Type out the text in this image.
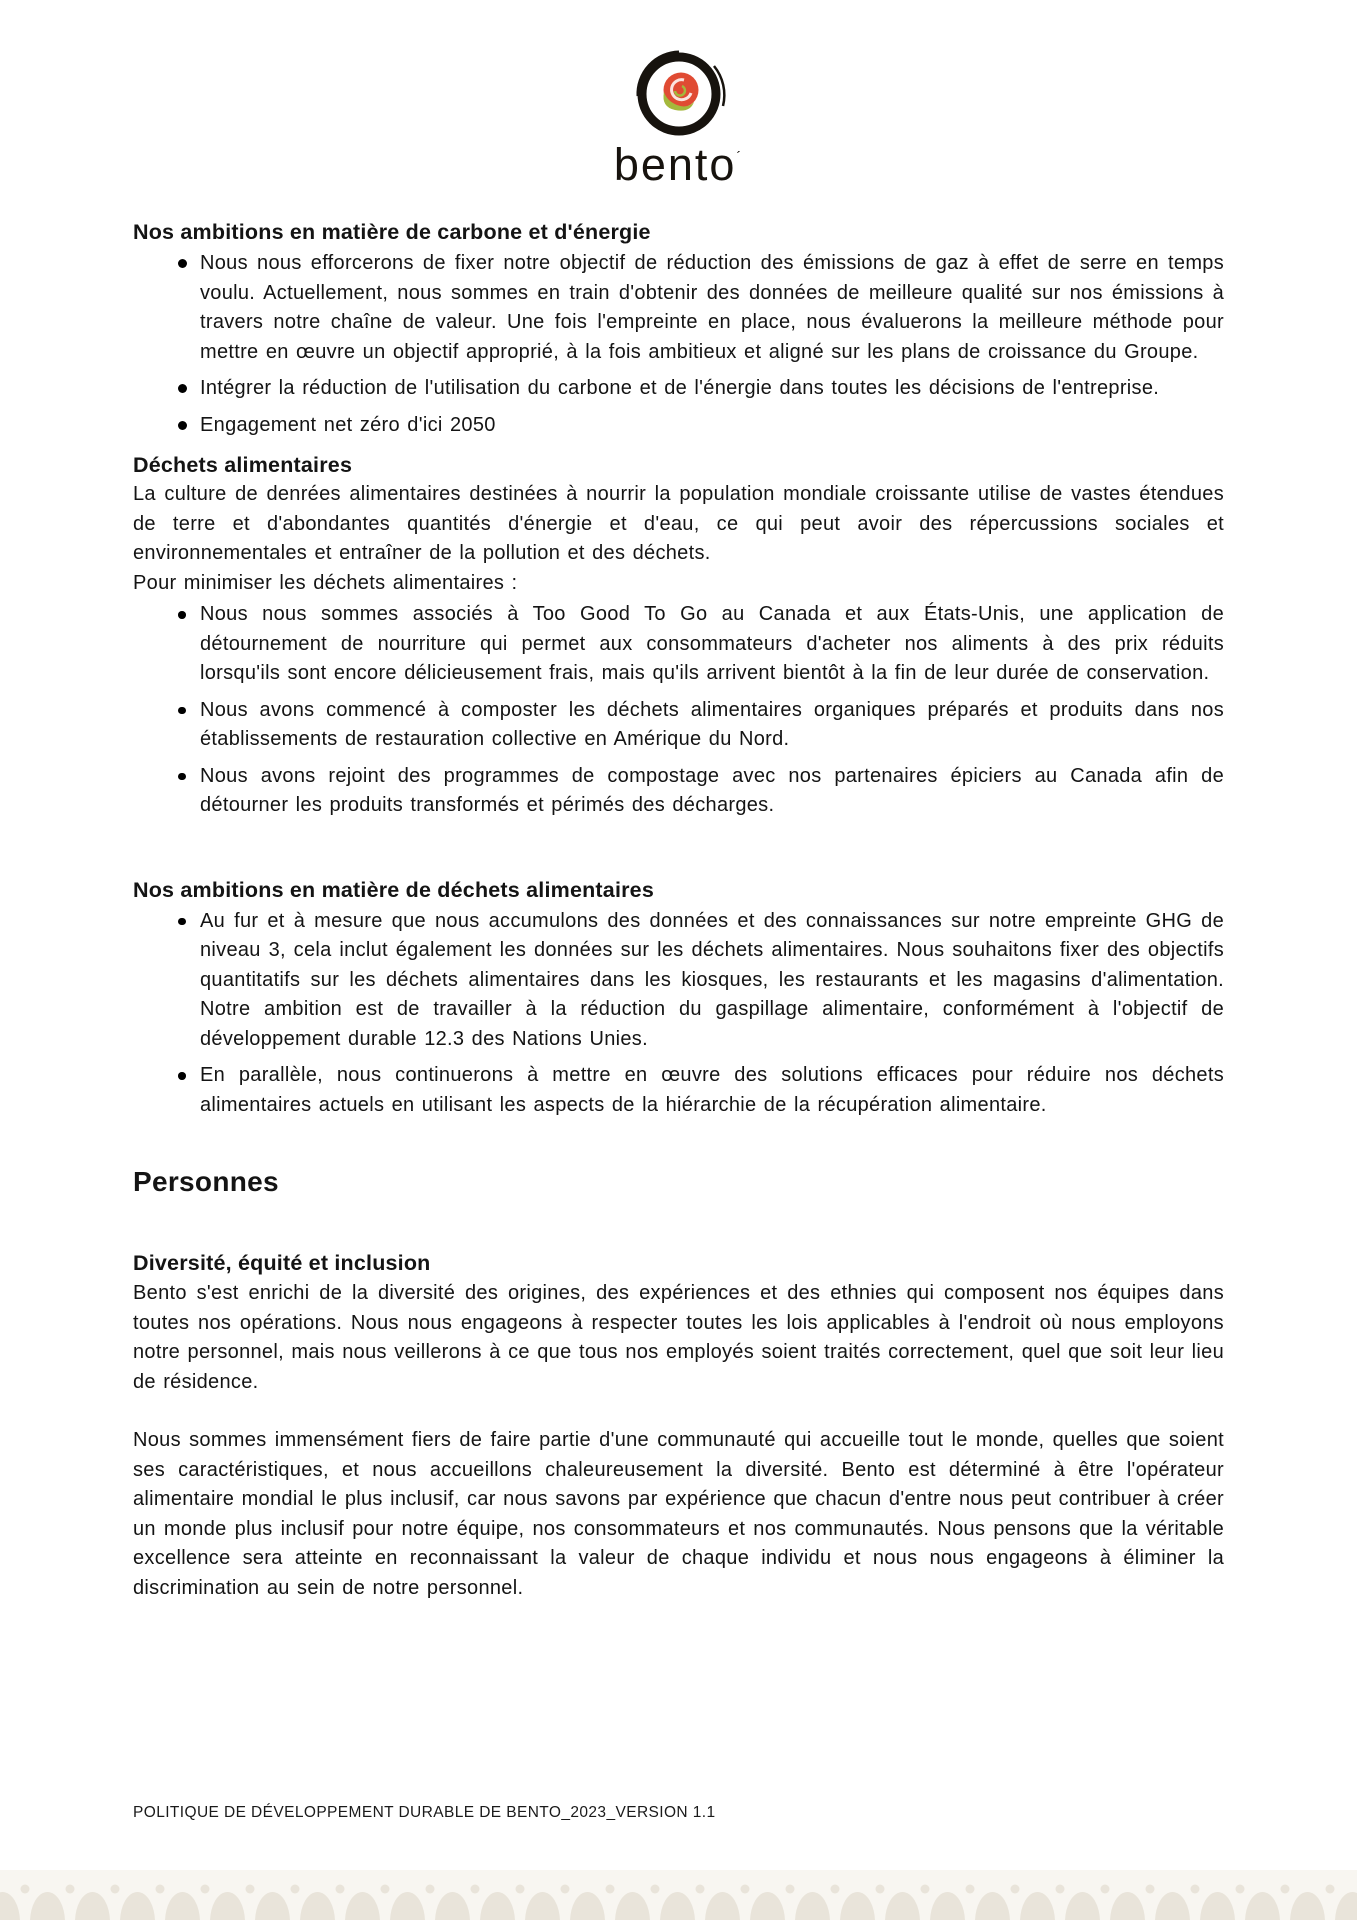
bento´
Nos ambitions en matière de carbone et d'énergie
Nous nous efforcerons de fixer notre objectif de réduction des émissions de gaz à effet de serre en temps voulu. Actuellement, nous sommes en train d'obtenir des données de meilleure qualité sur nos émissions à travers notre chaîne de valeur. Une fois l'empreinte en place, nous évaluerons la meilleure méthode pour mettre en œuvre un objectif approprié, à la fois ambitieux et aligné sur les plans de croissance du Groupe.
Intégrer la réduction de l'utilisation du carbone et de l'énergie dans toutes les décisions de l'entreprise.
Engagement net zéro d'ici 2050
Déchets alimentaires

La culture de denrées alimentaires destinées à nourrir la population mondiale croissante utilise de vastes étendues de terre et d'abondantes quantités d'énergie et d'eau, ce qui peut avoir des répercussions sociales et environnementales et entraîner de la pollution et des déchets.

Pour minimiser les déchets alimentaires :

Nous nous sommes associés à Too Good To Go au Canada et aux États-Unis, une application de détournement de nourriture qui permet aux consommateurs d'acheter nos aliments à des prix réduits lorsqu'ils sont encore délicieusement frais, mais qu'ils arrivent bientôt à la fin de leur durée de conservation.
Nous avons commencé à composter les déchets alimentaires organiques préparés et produits dans nos établissements de restauration collective en Amérique du Nord.
Nous avons rejoint des programmes de compostage avec nos partenaires épiciers au Canada afin de détourner les produits transformés et périmés des décharges.
Nos ambitions en matière de déchets alimentaires
Au fur et à mesure que nous accumulons des données et des connaissances sur notre empreinte GHG de niveau 3, cela inclut également les données sur les déchets alimentaires. Nous souhaitons fixer des objectifs quantitatifs sur les déchets alimentaires dans les kiosques, les restaurants et les magasins d'alimentation. Notre ambition est de travailler à la réduction du gaspillage alimentaire, conformément à l'objectif de développement durable 12.3 des Nations Unies.
En parallèle, nous continuerons à mettre en œuvre des solutions efficaces pour réduire nos déchets alimentaires actuels en utilisant les aspects de la hiérarchie de la récupération alimentaire.
Personnes
Diversité, équité et inclusion

Bento s'est enrichi de la diversité des origines, des expériences et des ethnies qui composent nos équipes dans toutes nos opérations. Nous nous engageons à respecter toutes les lois applicables à l'endroit où nous employons notre personnel, mais nous veillerons à ce que tous nos employés soient traités correctement, quel que soit leur lieu de résidence.

Nous sommes immensément fiers de faire partie d'une communauté qui accueille tout le monde, quelles que soient ses caractéristiques, et nous accueillons chaleureusement la diversité. Bento est déterminé à être l'opérateur alimentaire mondial le plus inclusif, car nous savons par expérience que chacun d'entre nous peut contribuer à créer un monde plus inclusif pour notre équipe, nos consommateurs et nos communautés. Nous pensons que la véritable excellence sera atteinte en reconnaissant la valeur de chaque individu et nous nous engageons à éliminer la discrimination au sein de notre personnel.

POLITIQUE DE DÉVELOPPEMENT DURABLE DE BENTO_2023_VERSION 1.1
